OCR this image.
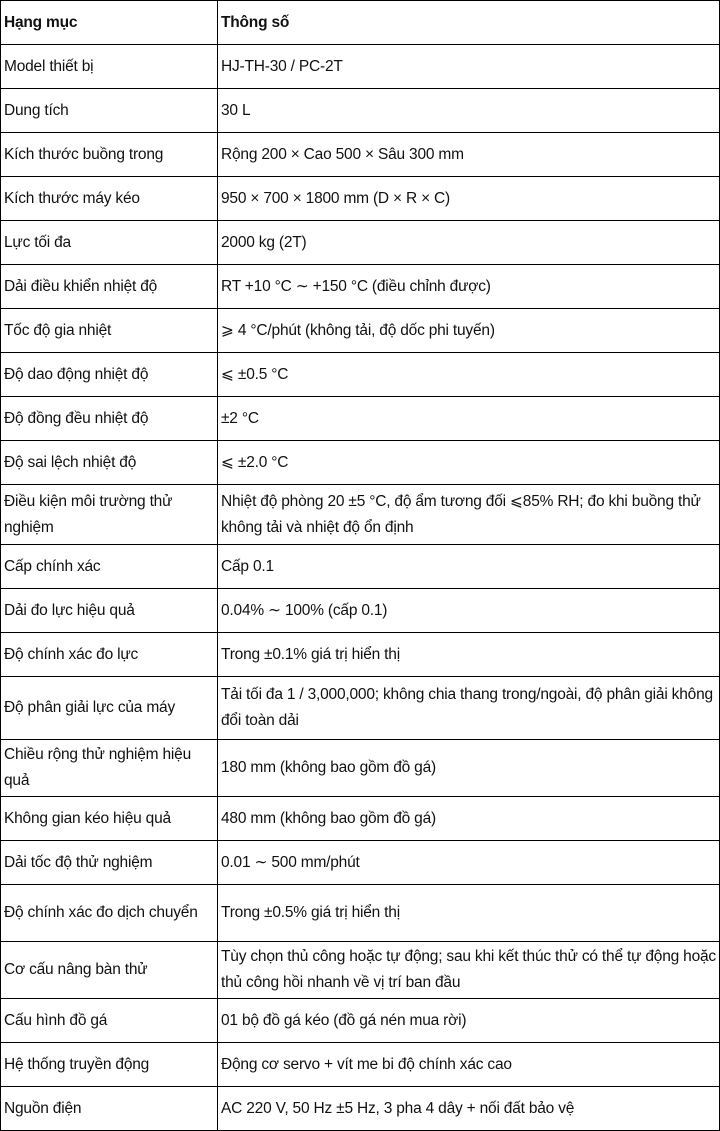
Hạng mục	Thông số
Model thiết bị	HJ-TH-30 / PC-2T
Dung tích	30 L
Kích thước buồng trong	Rộng 200 × Cao 500 × Sâu 300 mm
Kích thước máy kéo	950 × 700 × 1800 mm (D × R × C)
Lực tối đa	2000 kg (2T)
Dải điều khiển nhiệt độ	RT +10 °C ∼ +150 °C (điều chỉnh được)
Tốc độ gia nhiệt	⩾ 4 °C/phút (không tải, độ dốc phi tuyến)
Độ dao động nhiệt độ	⩽ ±0.5 °C
Độ đồng đều nhiệt độ	±2 °C
Độ sai lệch nhiệt độ	⩽ ±2.0 °C
Điều kiện môi trường thử nghiệm	Nhiệt độ phòng 20 ±5 °C, độ ẩm tương đối ⩽85% RH; đo khi buồng thử không tải và nhiệt độ ổn định
Cấp chính xác	Cấp 0.1
Dải đo lực hiệu quả	0.04% ∼ 100% (cấp 0.1)
Độ chính xác đo lực	Trong ±0.1% giá trị hiển thị
Độ phân giải lực của máy	Tải tối đa 1 / 3,000,000; không chia thang trong/ngoài, độ phân giải không đổi toàn dải
Chiều rộng thử nghiệm hiệu quả	180 mm (không bao gồm đồ gá)
Không gian kéo hiệu quả	480 mm (không bao gồm đồ gá)
Dải tốc độ thử nghiệm	0.01 ∼ 500 mm/phút
Độ chính xác đo dịch chuyển	Trong ±0.5% giá trị hiển thị
Cơ cấu nâng bàn thử	Tùy chọn thủ công hoặc tự động; sau khi kết thúc thử có thể tự động hoặc thủ công hồi nhanh về vị trí ban đầu
Cấu hình đồ gá	01 bộ đồ gá kéo (đồ gá nén mua rời)
Hệ thống truyền động	Động cơ servo + vít me bi độ chính xác cao
Nguồn điện	AC 220 V, 50 Hz ±5 Hz, 3 pha 4 dây + nối đất bảo vệ
